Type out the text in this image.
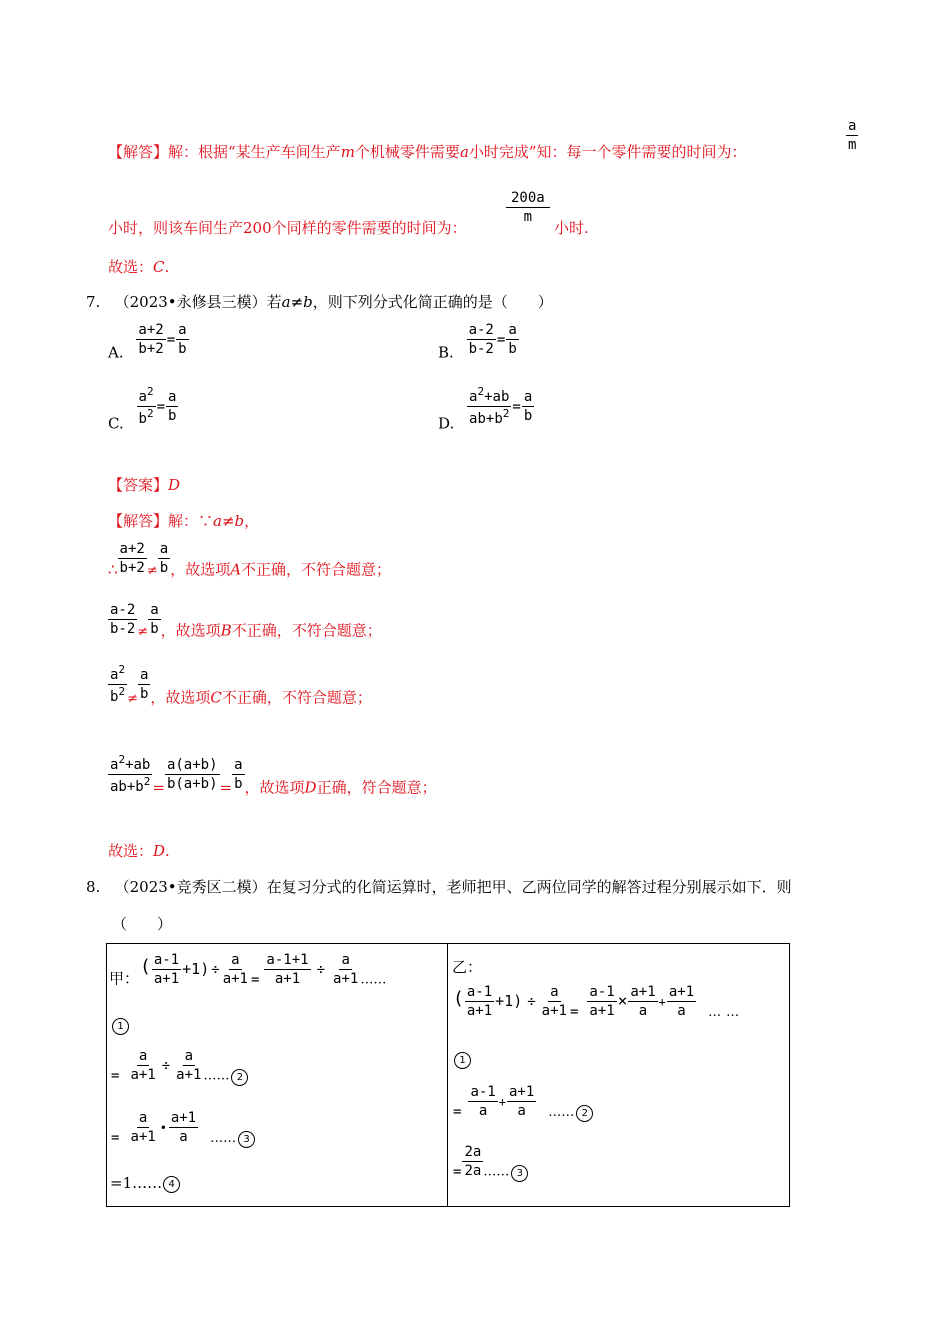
【解答】解：根据“某生产车间生产m个机械零件需要a小时完成”知：每一个零件需要的时间为：	$\frac{a}{m}$
$\frac{200a}{m}$
小时，则该车间生产200个同样的零件需要的时间为：	小时.
故选：C.
7. （2023•永修县三模）若a≠b，则下列分式化简正确的是（　　）
A. $\frac{a+2}{b+2} = \frac{a}{b}$	B. $\frac{a-2}{b-2} = \frac{a}{b}$
C. $\frac{a^2}{b^2} = \frac{a}{b}$	D. $\frac{a^2+ab}{ab+b^2} = \frac{a}{b}$
【答案】D
【解答】解：∵a≠b，
∴ $\frac{a+2}{b+2} \ne \frac{a}{b}$ ，故选项A不正确，不符合题意；
$\frac{a-2}{b-2} \ne \frac{a}{b}$ ，故选项B不正确，不符合题意；
$\frac{a^2}{b^2} \ne \frac{a}{b}$ ，故选项C不正确，不符合题意；
$\frac{a^2+ab}{ab+b^2} = \frac{a(a+b)}{b(a+b)} = \frac{a}{b}$ ，故选项D正确，符合题意；
故选：D.
8. （2023•竞秀区二模）在复习分式的化简运算时，老师把甲、乙两位同学的解答过程分别展示如下．则
（　　）
甲：( $\frac{a-1}{a+1} +1) \div \frac{a}{a+1} = \frac{a-1+1}{a+1} \div \frac{a}{a+1}$ ……
1
= $\frac{a}{a+1} \div \frac{a}{a+1}$ …… 2
= $\frac{a}{a+1}$ • $\frac{a+1}{a}$ …… 3
=1…… 4

乙：
( $\frac{a-1}{a+1} +1) \div \frac{a}{a+1} = \frac{a-1}{a+1} \times \frac{a+1}{a} + \frac{a+1}{a}$ … …
1
= $\frac{a-1}{a} + \frac{a+1}{a}$ …… 2
= $\frac{2a}{2a}$ …… 3
